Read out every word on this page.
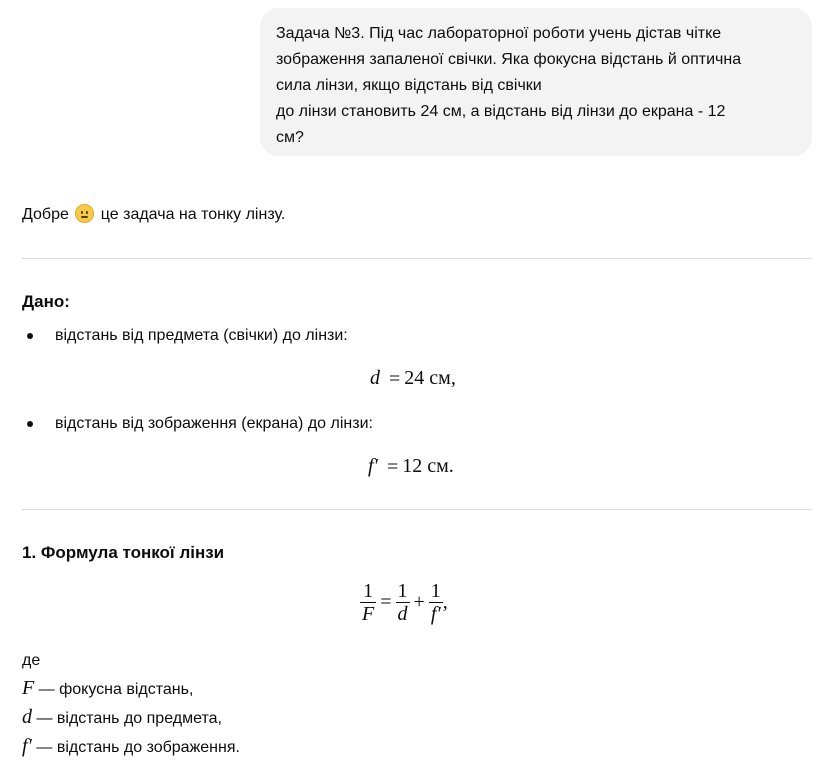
Задача №3. Під час лабораторної роботи учень дістав чітке
зображення запаленої свічки. Яка фокусна відстань й оптична
сила лінзи, якщо відстань від свічки
до лінзи становить 24 см, а відстань від лінзи до екрана - 12
см?
Добре це задача на тонку лінзу.
Дано:
відстань від предмета (свічки) до лінзи:
d = 24 см,
відстань від зображення (екрана) до лінзи:
f′ = 12 см.
1. Формула тонкої лінзи
$\frac{1}{F} = \frac{1}{d} + \frac{1}{f'}$ ,
де
F — фокусна відстань,
d — відстань до предмета,
f′ — відстань до зображення.
